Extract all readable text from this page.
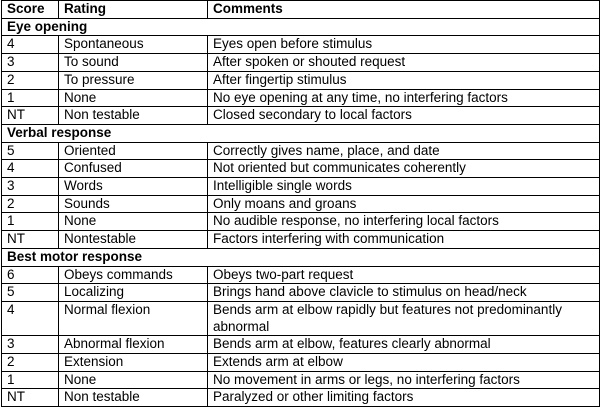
Score	Rating	Comments
Eye opening		
4	Spontaneous	Eyes open before stimulus
3	To sound	After spoken or shouted request
2	To pressure	After fingertip stimulus
1	None	No eye opening at any time, no interfering factors
NT	Non testable	Closed secondary to local factors
Verbal response		
5	Oriented	Correctly gives name, place, and date
4	Confused	Not oriented but communicates coherently
3	Words	Intelligible single words
2	Sounds	Only moans and groans
1	None	No audible response, no interfering local factors
NT	Nontestable	Factors interfering with communication
Best motor response		
6	Obeys commands	Obeys two-part request
5	Localizing	Brings hand above clavicle to stimulus on head/neck
4	Normal flexion	Bends arm at elbow rapidly but features not predominantly abnormal
3	Abnormal flexion	Bends arm at elbow, features clearly abnormal
2	Extension	Extends arm at elbow
1	None	No movement in arms or legs, no interfering factors
NT	Non testable	Paralyzed or other limiting factors
